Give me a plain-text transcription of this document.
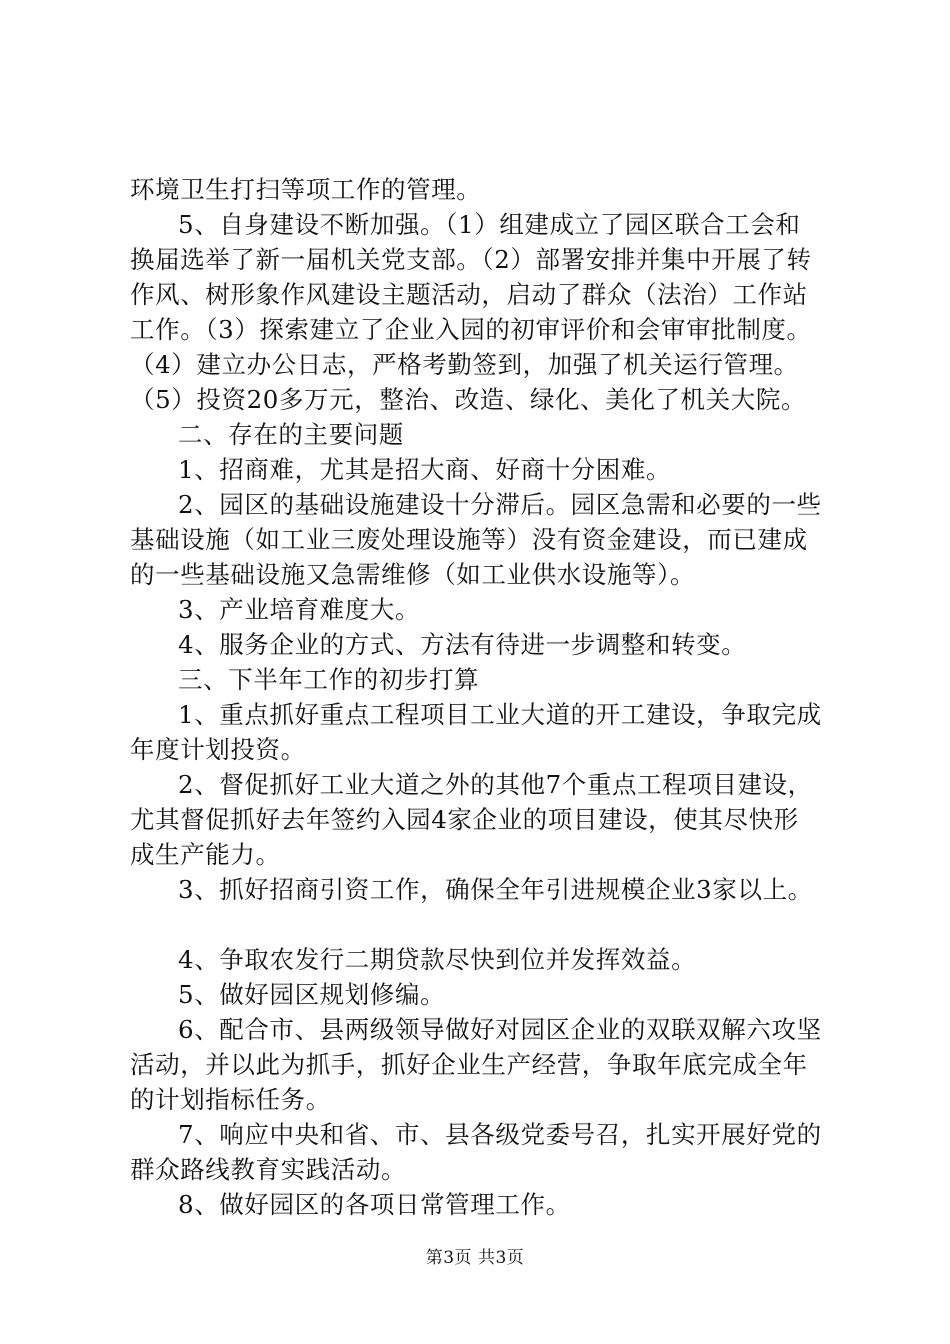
环境卫生打扫等项工作的管理。
5、自身建设不断加强。（1）组建成立了园区联合工会和
换届选举了新一届机关党支部。（2）部署安排并集中开展了转
作风、树形象作风建设主题活动，启动了群众（法治）工作站
工作。（3）探索建立了企业入园的初审评价和会审审批制度。
（4）建立办公日志，严格考勤签到，加强了机关运行管理。
（5）投资20多万元，整治、改造、绿化、美化了机关大院。
二、存在的主要问题
1、招商难，尤其是招大商、好商十分困难。
2、园区的基础设施建设十分滞后。园区急需和必要的一些
基础设施（如工业三废处理设施等）没有资金建设，而已建成
的一些基础设施又急需维修（如工业供水设施等）。
3、产业培育难度大。
4、服务企业的方式、方法有待进一步调整和转变。
三、下半年工作的初步打算
1、重点抓好重点工程项目工业大道的开工建设，争取完成
年度计划投资。
2、督促抓好工业大道之外的其他7个重点工程项目建设，
尤其督促抓好去年签约入园4家企业的项目建设，使其尽快形
成生产能力。
3、抓好招商引资工作，确保全年引进规模企业3家以上。
4、争取农发行二期贷款尽快到位并发挥效益。
5、做好园区规划修编。
6、配合市、县两级领导做好对园区企业的双联双解六攻坚
活动，并以此为抓手，抓好企业生产经营，争取年底完成全年
的计划指标任务。
7、响应中央和省、市、县各级党委号召，扎实开展好党的
群众路线教育实践活动。
8、做好园区的各项日常管理工作。
第3页 共3页
